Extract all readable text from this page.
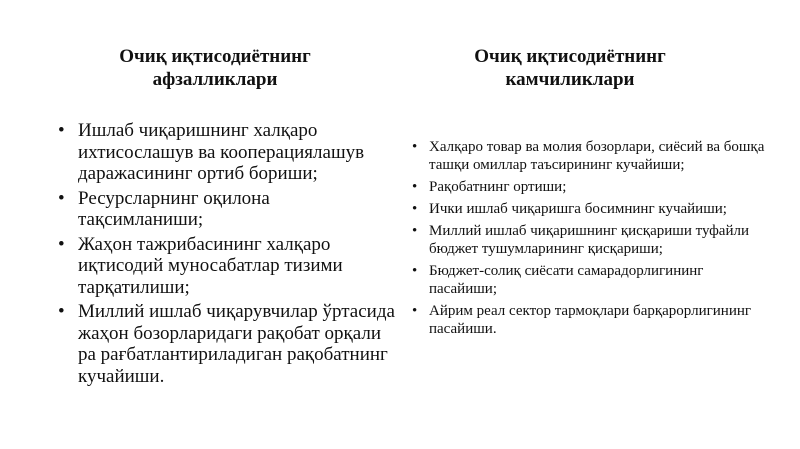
Очиқ иқтисодиётнинг афзалликлари
Очиқ иқтисодиётнинг камчиликлари
• Ишлаб чиқаришнинг халқаро ихтисослашув ва кооперациялашув даражасининг ортиб бориши;
• Ресурсларнинг оқилона тақсимланиши;
• Жаҳон тажрибасининг халқаро иқтисодий муносабатлар тизими тарқатилиши;
• Миллий ишлаб чиқарувчилар ўртасида жаҳон бозорларидаги рақобат орқали ра рағбатлантириладиган рақобатнинг кучайиши.
• Халқаро товар ва молия бозорлари, сиёсий ва бошқа ташқи омиллар таъсирининг кучайиши;
• Рақобатнинг ортиши;
• Ички ишлаб чиқаришга босимнинг кучайиши;
• Миллий ишлаб чиқаришнинг қисқариши туфайли бюджет тушумларининг қисқариши;
• Бюджет-солиқ сиёсати самарадорлигининг пасайиши;
• Айрим реал сектор тармоқлари барқарорлигининг пасайиши.
